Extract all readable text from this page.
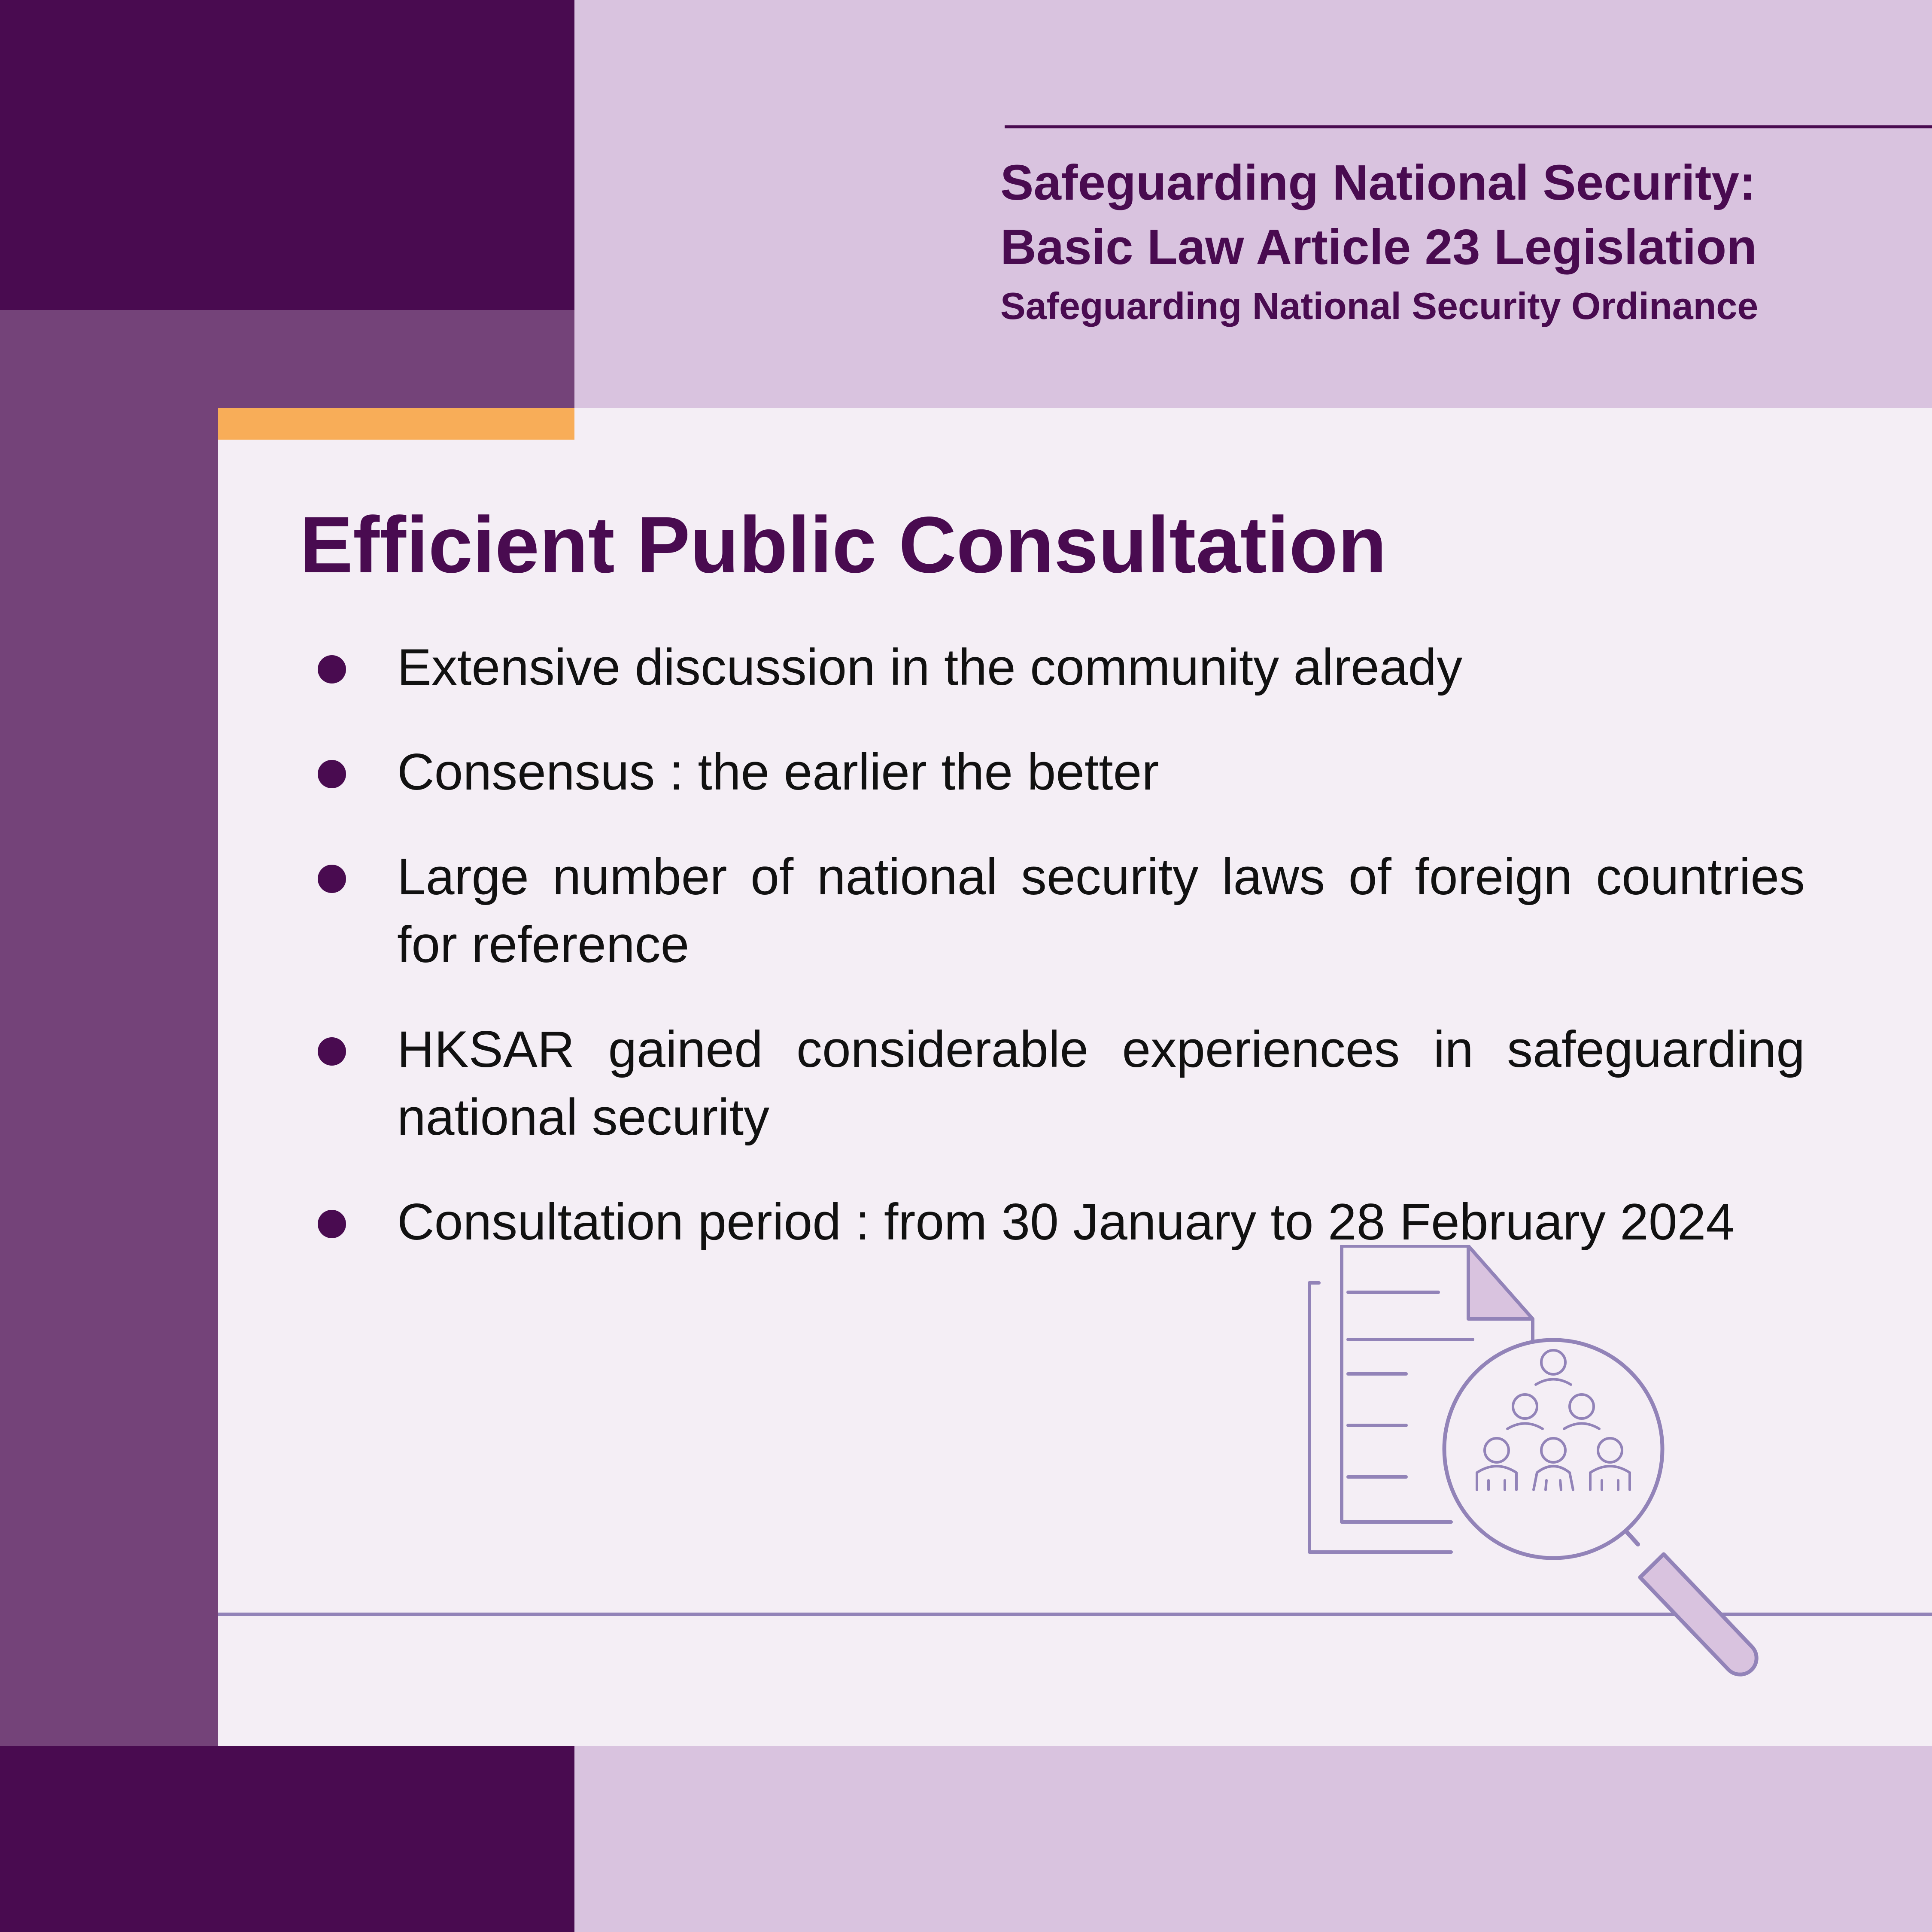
Safeguarding National Security:
Basic Law Article 23 Legislation
Safeguarding National Security Ordinance
Efficient Public Consultation
Extensive discussion in the community already
Consensus : the earlier the better
Large number of national security laws of foreign countries for reference
HKSAR gained considerable experiences in safeguarding national security
Consultation period : from 30 January to 28 February 2024
